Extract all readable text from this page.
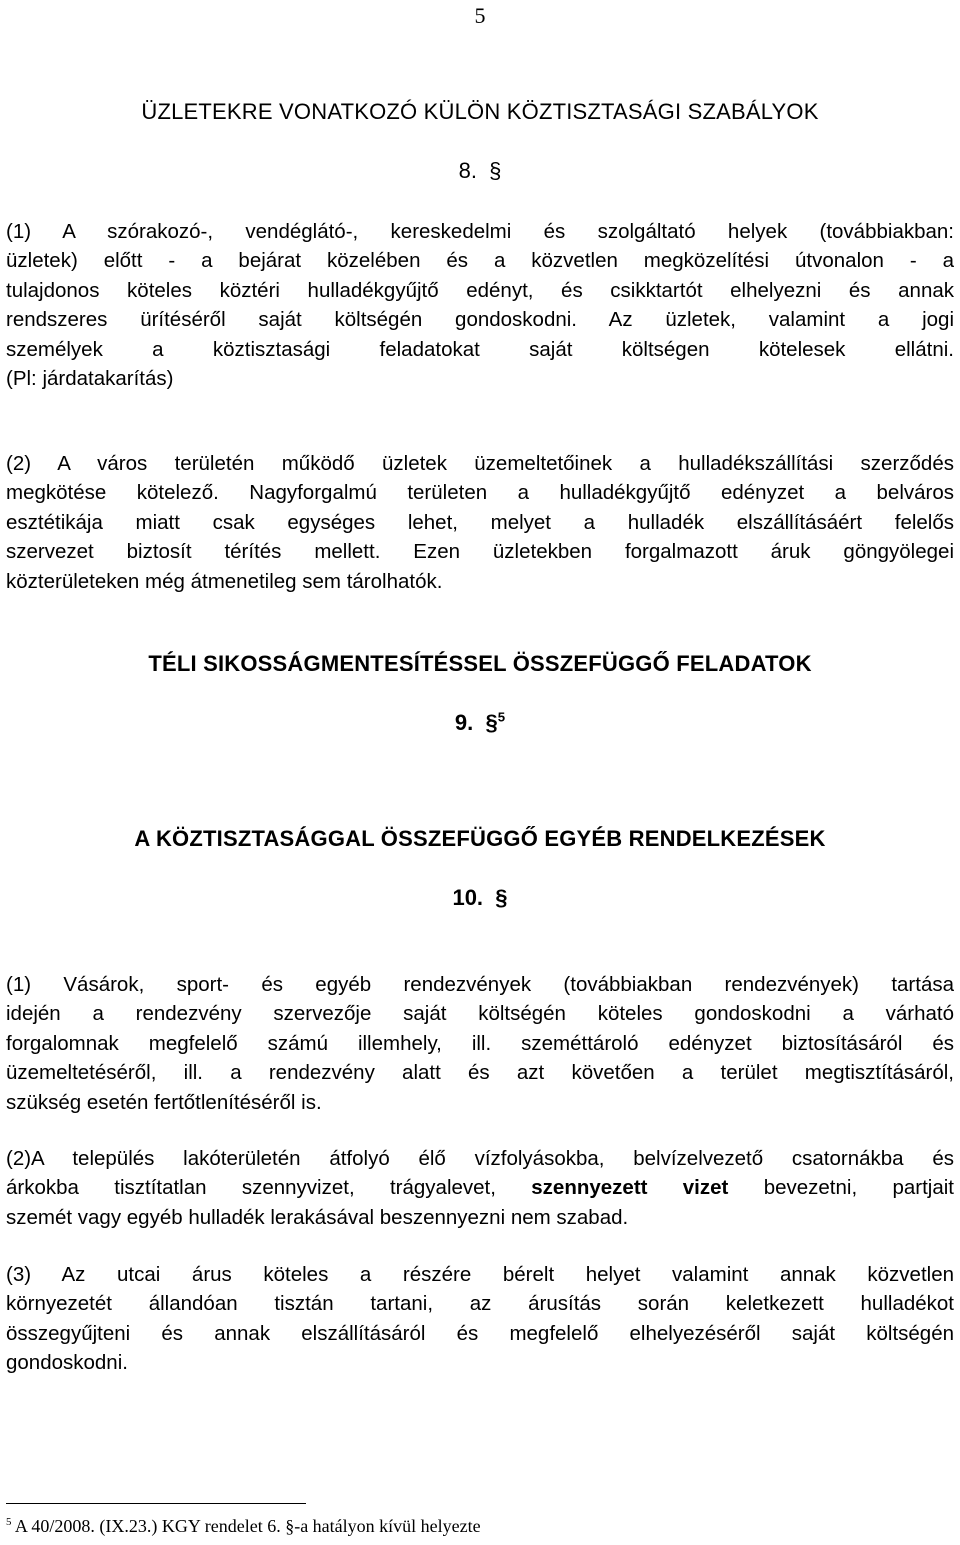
5
ÜZLETEKRE VONATKOZÓ KÜLÖN KÖZTISZTASÁGI SZABÁLYOK
8.  §
(1) A szórakozó-, vendéglátó-, kereskedelmi és szolgáltató helyek (továbbiakban:
üzletek) előtt - a bejárat közelében és a közvetlen megközelítési útvonalon - a
tulajdonos köteles köztéri hulladékgyűjtő edényt, és csikktartót elhelyezni és annak
rendszeres ürítéséről saját költségén gondoskodni. Az üzletek, valamint a jogi
személyek a köztisztasági feladatokat saját költségen kötelesek ellátni.
(Pl: járdatakarítás)
(2) A város területén működő üzletek üzemeltetőinek a hulladékszállítási szerződés
megkötése kötelező. Nagyforgalmú területen a hulladékgyűjtő edényzet a belváros
esztétikája miatt csak egységes lehet, melyet a hulladék elszállításáért felelős
szervezet biztosít térítés mellett. Ezen üzletekben forgalmazott áruk göngyölegei
közterületeken még átmenetileg sem tárolhatók.
TÉLI SIKOSSÁGMENTESÍTÉSSEL ÖSSZEFÜGGŐ FELADATOK
9.  §$^5$
A KÖZTISZTASÁGGAL ÖSSZEFÜGGŐ EGYÉB RENDELKEZÉSEK
10.  §
(1) Vásárok, sport- és egyéb rendezvények (továbbiakban rendezvények) tartása
idején a rendezvény szervezője saját költségén köteles gondoskodni a várható
forgalomnak megfelelő számú illemhely, ill. szeméttároló edényzet biztosításáról és
üzemeltetéséről, ill. a rendezvény alatt és azt követően a terület megtisztításáról,
szükség esetén fertőtlenítéséről is.
(2)A település lakóterületén átfolyó élő vízfolyásokba, belvízelvezető csatornákba és
árkokba tisztítatlan szennyvizet, trágyalevet, szennyezett vizet bevezetni, partjait
szemét vagy egyéb hulladék lerakásával beszennyezni nem szabad.
(3) Az utcai árus köteles a részére bérelt helyet valamint annak közvetlen
környezetét állandóan tisztán tartani, az árusítás során keletkezett hulladékot
összegyűjteni és annak elszállításáról és megfelelő elhelyezéséről saját költségén
gondoskodni.
$^5$ A 40/2008. (IX.23.) KGY rendelet 6. §-a hatályon kívül helyezte
